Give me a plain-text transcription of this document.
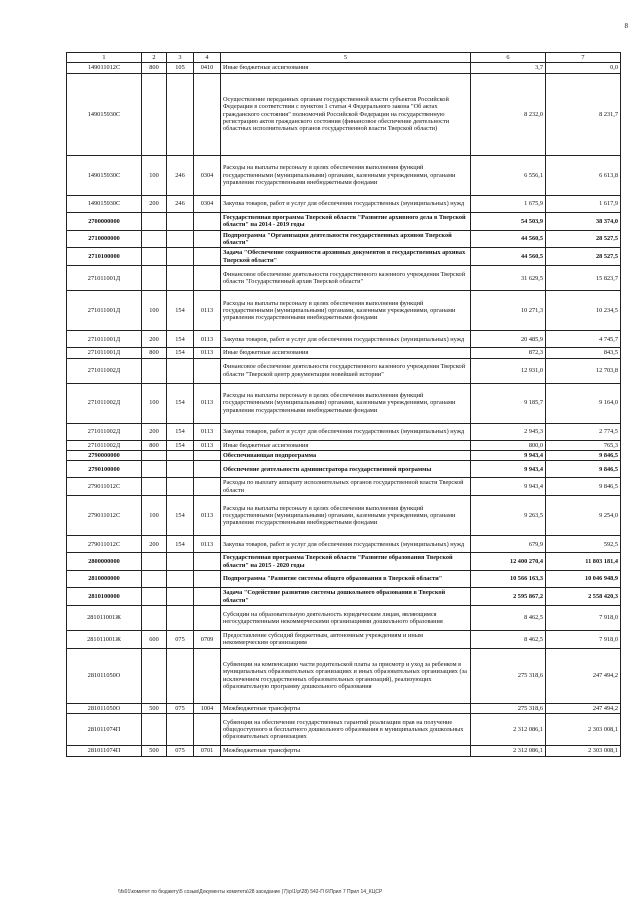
8
1	2	3	4	5	6	7
149011012С	800	105	0410	Иные бюджетные ассигнования	3,7	0,0
149015930С				Осуществление переданных органам государственной власти субъектов Российской Федерации в соответствии с пунктом 1 статьи 4 Федерального закона "Об актах гражданского состояния" полномочий Российской Федерации на государственную регистрацию актов гражданского состояния (финансовое обеспечение деятельности областных исполнительных органов государственной власти Тверской области)	8 232,0	8 231,7
149015930С	100	246	0304	Расходы на выплаты персоналу в целях обеспечения выполнения функций государственными (муниципальными) органами, казенными учреждениями, органами управления государственными внебюджетными фондами	6 556,1	6 613,8
149015930С	200	246	0304	Закупка товаров, работ и услуг для обеспечения государственных (муниципальных) нужд	1 675,9	1 617,9
2700000000				Государственная программа Тверской области "Развитие архивного дела в Тверской области" на 2014 - 2019 годы	54 503,9	38 374,0
2710000000				Подпрограмма "Организация деятельности государственных архивов Тверской области"	44 560,5	28 527,5
2710100000				Задача "Обеспечение сохранности архивных документов в государственных архивах Тверской области"	44 560,5	28 527,5
271011001Д				Финансовое обеспечение деятельности государственного казенного учреждения Тверской области "Государственный архив Тверской области"	31 629,5	15 823,7
271011001Д	100	154	0113	Расходы на выплаты персоналу в целях обеспечения выполнения функций государственными (муниципальными) органами, казенными учреждениями, органами управления государственными внебюджетными фондами	10 271,3	10 234,5
271011001Д	200	154	0113	Закупка товаров, работ и услуг для обеспечения государственных (муниципальных) нужд	20 485,9	4 745,7
271011001Д	800	154	0113	Иные бюджетные ассигнования	872,3	843,5
271011002Д				Финансовое обеспечение деятельности государственного казенного учреждения Тверской области "Тверской центр документации новейшей истории"	12 931,0	12 703,8
271011002Д	100	154	0113	Расходы на выплаты персоналу в целях обеспечения выполнения функций государственными (муниципальными) органами, казенными учреждениями, органами управления государственными внебюджетными фондами	9 185,7	9 164,0
271011002Д	200	154	0113	Закупка товаров, работ и услуг для обеспечения государственных (муниципальных) нужд	2 945,3	2 774,5
271011002Д	800	154	0113	Иные бюджетные ассигнования	800,0	765,3
2790000000				Обеспечивающая подпрограмма	9 943,4	9 846,5
2790100000				Обеспечение деятельности администратора государственной программы	9 943,4	9 846,5
279011012С				Расходы по выплату аппарату исполнительных органов государственной власти Тверской области	9 943,4	9 846,5
279011012С	100	154	0113	Расходы на выплаты персоналу в целях обеспечения выполнения функций государственными (муниципальными) органами, казенными учреждениями, органами управления государственными внебюджетными фондами	9 263,5	9 254,0
279011012С	200	154	0113	Закупка товаров, работ и услуг для обеспечения государственных (муниципальных) нужд	679,9	592,5
2800000000				Государственная программа Тверской области "Развитие образования Тверской области" на 2015 - 2020 годы	12 400 270,4	11 803 181,4
2810000000				Подпрограмма "Развитие системы общего образования в Тверской области"	10 566 163,3	10 046 948,9
2810100000				Задача "Содействие развитию системы дошкольного образования в Тверской области"	2 595 867,2	2 558 420,3
281011001Ж				Субсидии на образовательную деятельность юридическим лицам, являющимся негосударственными некоммерческими организациями дошкольного образования	8 462,5	7 918,0
281011001Ж	600	075	0709	Предоставление субсидий бюджетным, автономным учреждениям и иным некоммерческим организациям	8 462,5	7 918,0
281011050О				Субвенции на компенсацию части родительской платы за присмотр и уход за ребенком в муниципальных образовательных организациях и иных образовательных организациях (за исключением государственных образовательных организаций), реализующих образовательную программу дошкольного образования	275 318,6	247 494,2
281011050О	500	075	1004	Межбюджетные трансферты	275 318,6	247 494,2
281011074П				Субвенции на обеспечение государственных гарантий реализации прав на получение общедоступного и бесплатного дошкольного образования в муниципальных дошкольных образовательных организациях	2 312 086,1	2 303 008,1
281011074П	500	075	0701	Межбюджетные трансферты	2 312 086,1	2 303 008,1
\\fs01\комитет по бюджету\5 созыв\Документы комитета\28 заседание (7)\р\1\р\28) 542-П 6\Прил 7 Прил 14_КЦСР
